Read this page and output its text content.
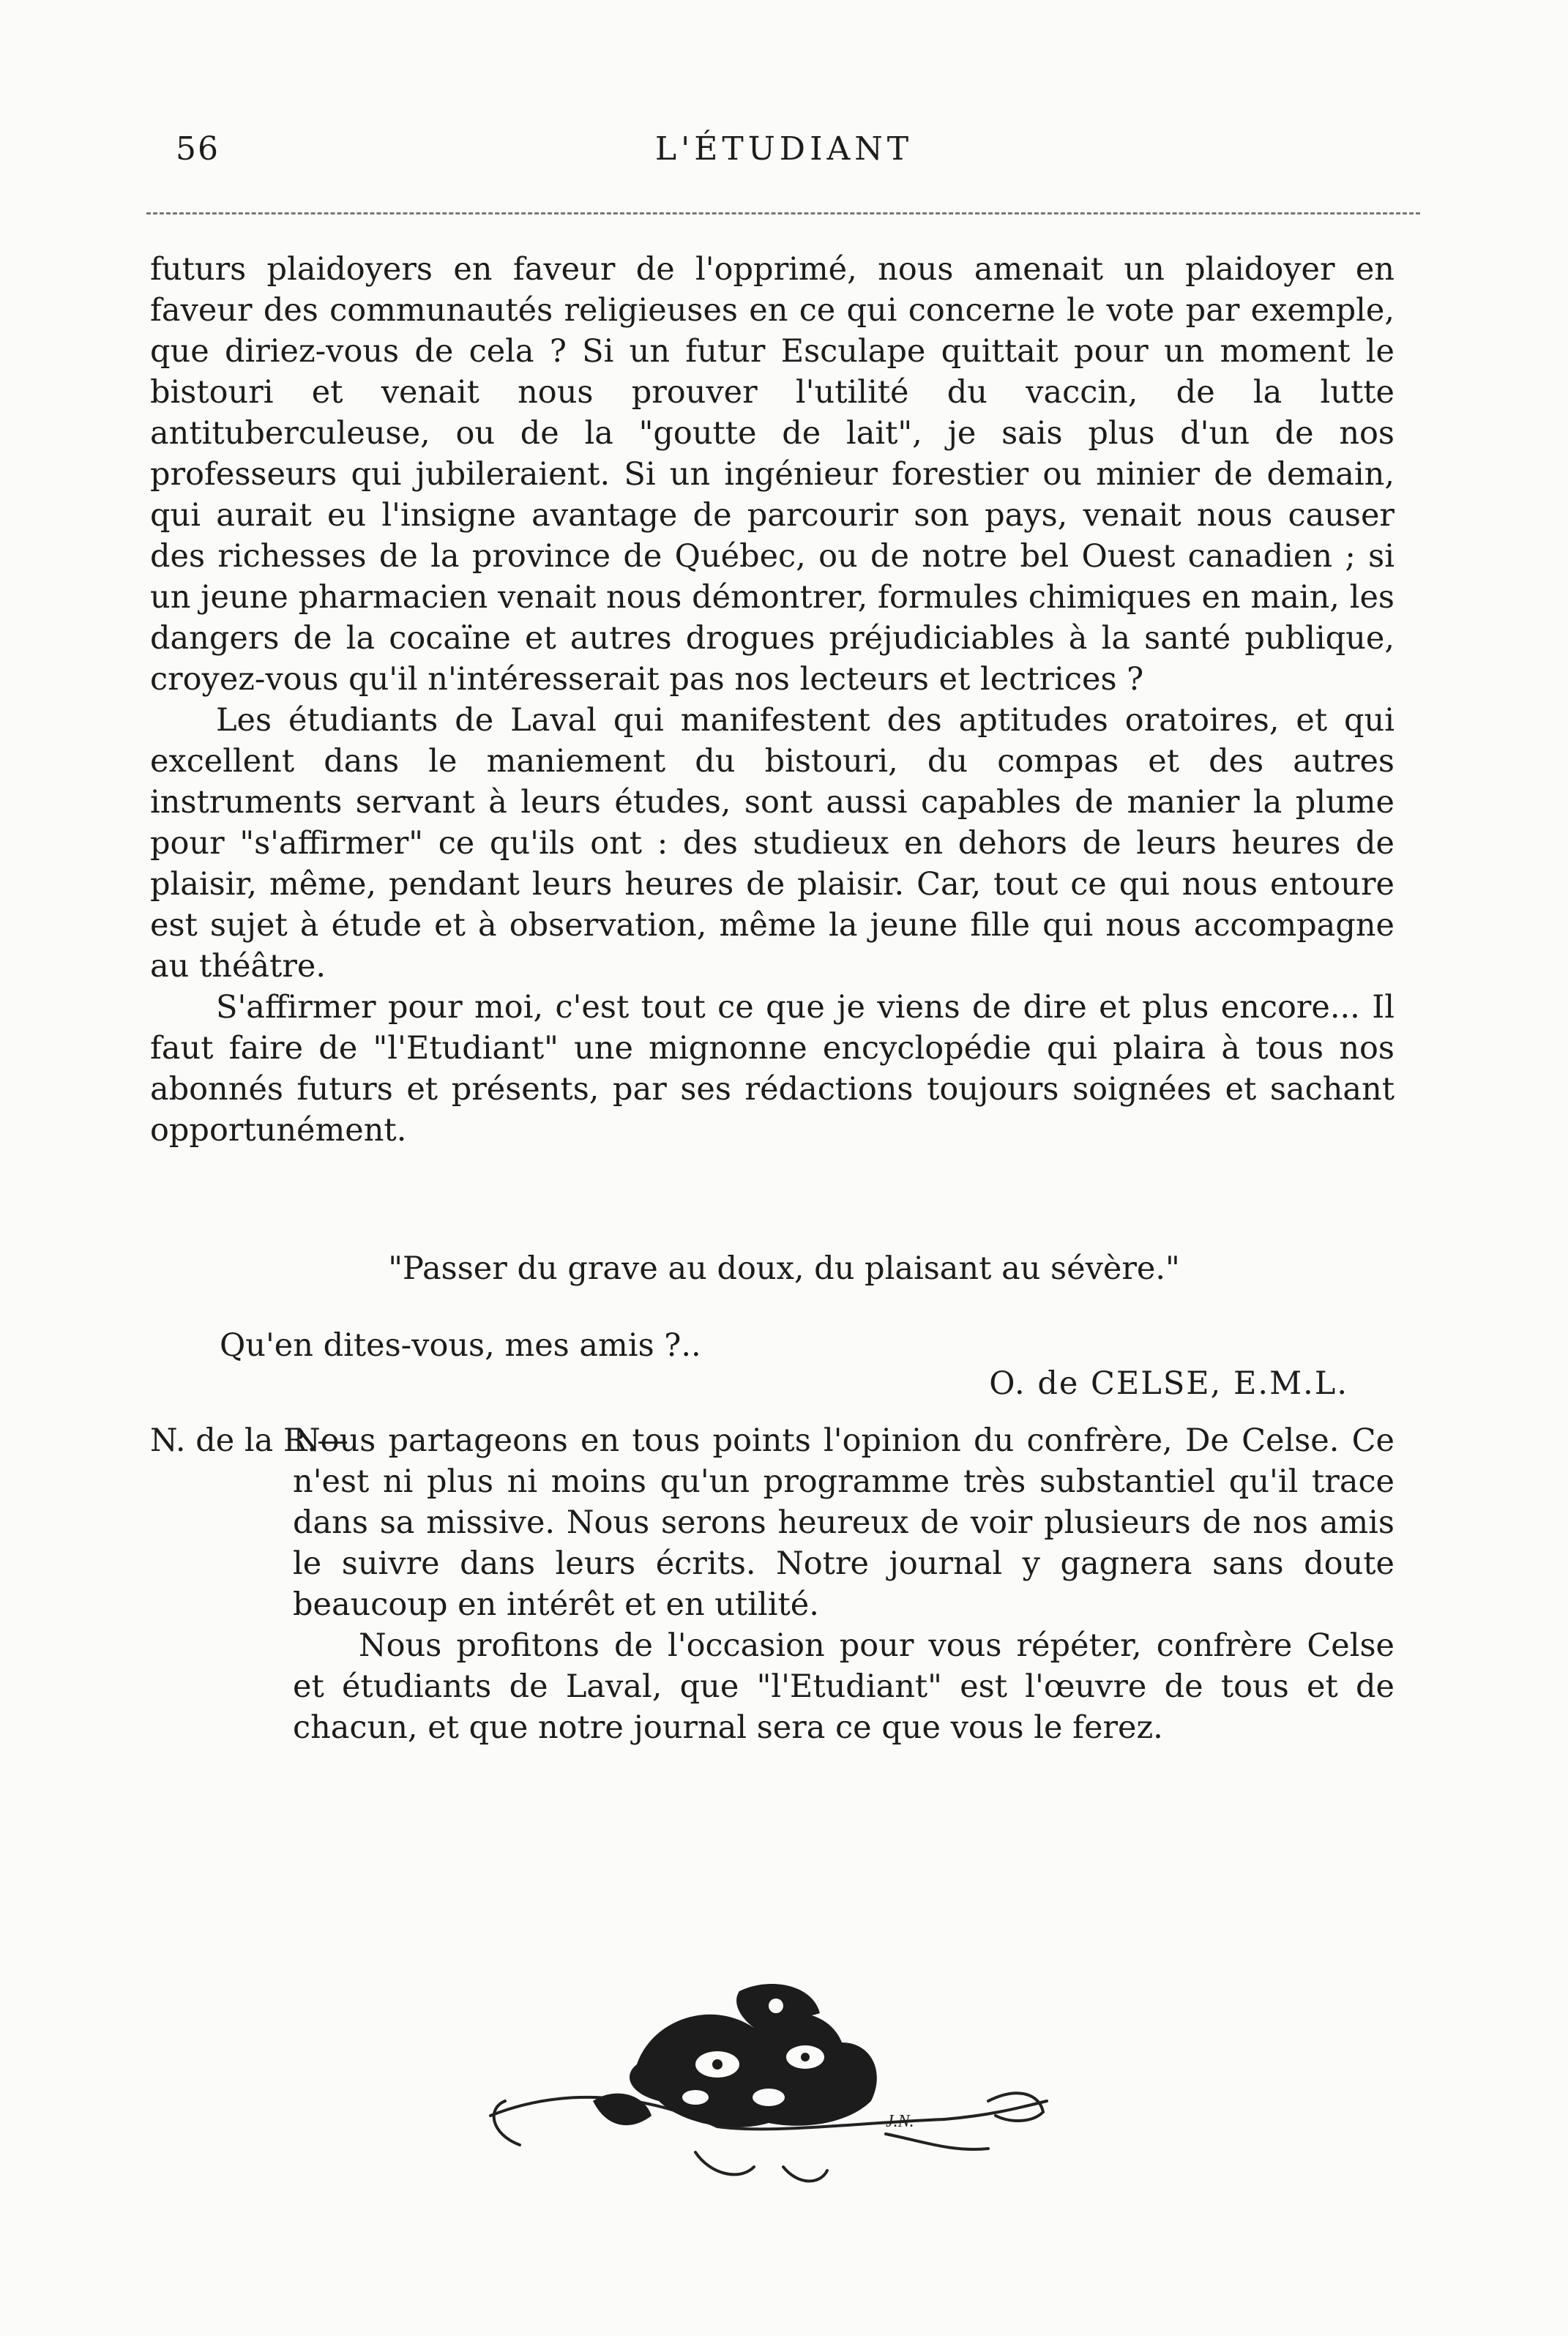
56	L'ÉTUDIANT

futurs plaidoyers en faveur de l'opprimé, nous amenait un plaidoyer en faveur des communautés religieuses en ce qui concerne le vote par exemple, que diriez-vous de cela ? Si un futur Esculape quittait pour un moment le bistouri et venait nous prouver l'utilité du vaccin, de la lutte antituberculeuse, ou de la "goutte de lait", je sais plus d'un de nos professeurs qui jubileraient. Si un ingénieur forestier ou minier de demain, qui aurait eu l'insigne avantage de parcourir son pays, venait nous causer des richesses de la province de Québec, ou de notre bel Ouest canadien ; si un jeune pharmacien venait nous démontrer, formules chimiques en main, les dangers de la cocaïne et autres drogues préjudiciables à la santé publique, croyez-vous qu'il n'intéresserait pas nos lecteurs et lectrices ?

Les étudiants de Laval qui manifestent des aptitudes oratoires, et qui excellent dans le maniement du bistouri, du compas et des autres instruments servant à leurs études, sont aussi capables de manier la plume pour "s'affirmer" ce qu'ils ont : des studieux en dehors de leurs heures de plaisir, même, pendant leurs heures de plaisir. Car, tout ce qui nous entoure est sujet à étude et à observation, même la jeune fille qui nous accompagne au théâtre.

S'affirmer pour moi, c'est tout ce que je viens de dire et plus encore... Il faut faire de "l'Etudiant" une mignonne encyclopédie qui plaira à tous nos abonnés futurs et présents, par ses rédactions toujours soignées et sachant opportunément.

"Passer du grave au doux, du plaisant au sévère."
Qu'en dites-vous, mes amis ?..
O. de CELSE, E.M.L.
N. de la R.—

Nous partageons en tous points l'opinion du confrère, De Celse. Ce n'est ni plus ni moins qu'un programme très substantiel qu'il trace dans sa missive. Nous serons heureux de voir plusieurs de nos amis le suivre dans leurs écrits. Notre journal y gagnera sans doute beaucoup en intérêt et en utilité.

Nous profitons de l'occasion pour vous répéter, confrère Celse et étudiants de Laval, que "l'Etudiant" est l'œuvre de tous et de chacun, et que notre journal sera ce que vous le ferez.

J.N.
